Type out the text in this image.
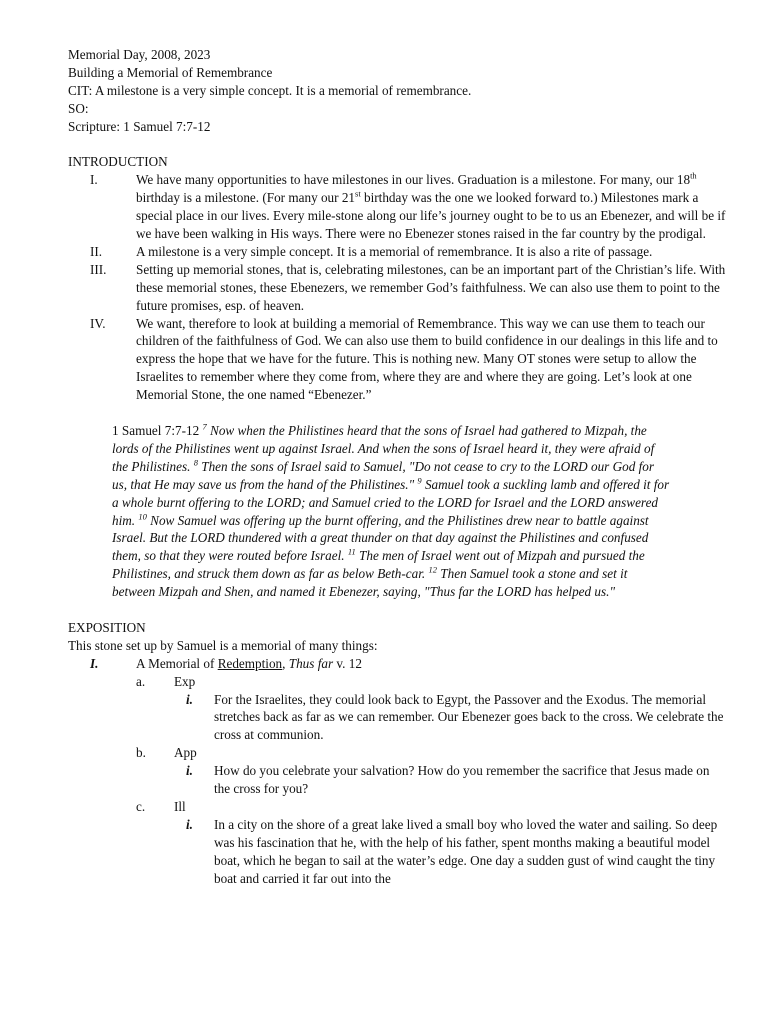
Memorial Day, 2008, 2023
Building a Memorial of Remembrance
CIT: A milestone is a very simple concept. It is a memorial of remembrance.
SO:
Scripture: 1 Samuel 7:7-12
INTRODUCTION
I.	We have many opportunities to have milestones in our lives. Graduation is a milestone. For many, our 18th birthday is a milestone. (For many our 21st birthday was the one we looked forward to.) Milestones mark a special place in our lives. Every mile-stone along our life’s journey ought to be to us an Ebenezer, and will be if we have been walking in His ways. There were no Ebenezer stones raised in the far country by the prodigal.
II.	A milestone is a very simple concept. It is a memorial of remembrance. It is also a rite of passage.
III.	Setting up memorial stones, that is, celebrating milestones, can be an important part of the Christian’s life. With these memorial stones, these Ebenezers, we remember God’s faithfulness. We can also use them to point to the future promises, esp. of heaven.
IV.	We want, therefore to look at building a memorial of Remembrance. This way we can use them to teach our children of the faithfulness of God. We can also use them to build confidence in our dealings in this life and to express the hope that we have for the future. This is nothing new. Many OT stones were setup to allow the Israelites to remember where they come from, where they are and where they are going. Let’s look at one Memorial Stone, the one named “Ebenezer.”
1 Samuel 7:7-12 $^7$ Now when the Philistines heard that the sons of Israel had gathered to Mizpah, the lords of the Philistines went up against Israel. And when the sons of Israel heard it, they were afraid of the Philistines. $^8$ Then the sons of Israel said to Samuel, "Do not cease to cry to the LORD our God for us, that He may save us from the hand of the Philistines." $^9$ Samuel took a suckling lamb and offered it for a whole burnt offering to the LORD; and Samuel cried to the LORD for Israel and the LORD answered him. $^{10}$ Now Samuel was offering up the burnt offering, and the Philistines drew near to battle against Israel. But the LORD thundered with a great thunder on that day against the Philistines and confused them, so that they were routed before Israel. $^{11}$ The men of Israel went out of Mizpah and pursued the Philistines, and struck them down as far as below Beth-car. $^{12}$ Then Samuel took a stone and set it between Mizpah and Shen, and named it Ebenezer, saying, "Thus far the LORD has helped us."
EXPOSITION
This stone set up by Samuel is a memorial of many things:
I.	A Memorial of Redemption, Thus far v. 12
a.	Exp
i.	For the Israelites, they could look back to Egypt, the Passover and the Exodus. The memorial stretches back as far as we can remember. Our Ebenezer goes back to the cross. We celebrate the cross at communion.
b.	App
i.	How do you celebrate your salvation? How do you remember the sacrifice that Jesus made on the cross for you?
c.	Ill
i.	In a city on the shore of a great lake lived a small boy who loved the water and sailing. So deep was his fascination that he, with the help of his father, spent months making a beautiful model boat, which he began to sail at the water’s edge. One day a sudden gust of wind caught the tiny boat and carried it far out into the
